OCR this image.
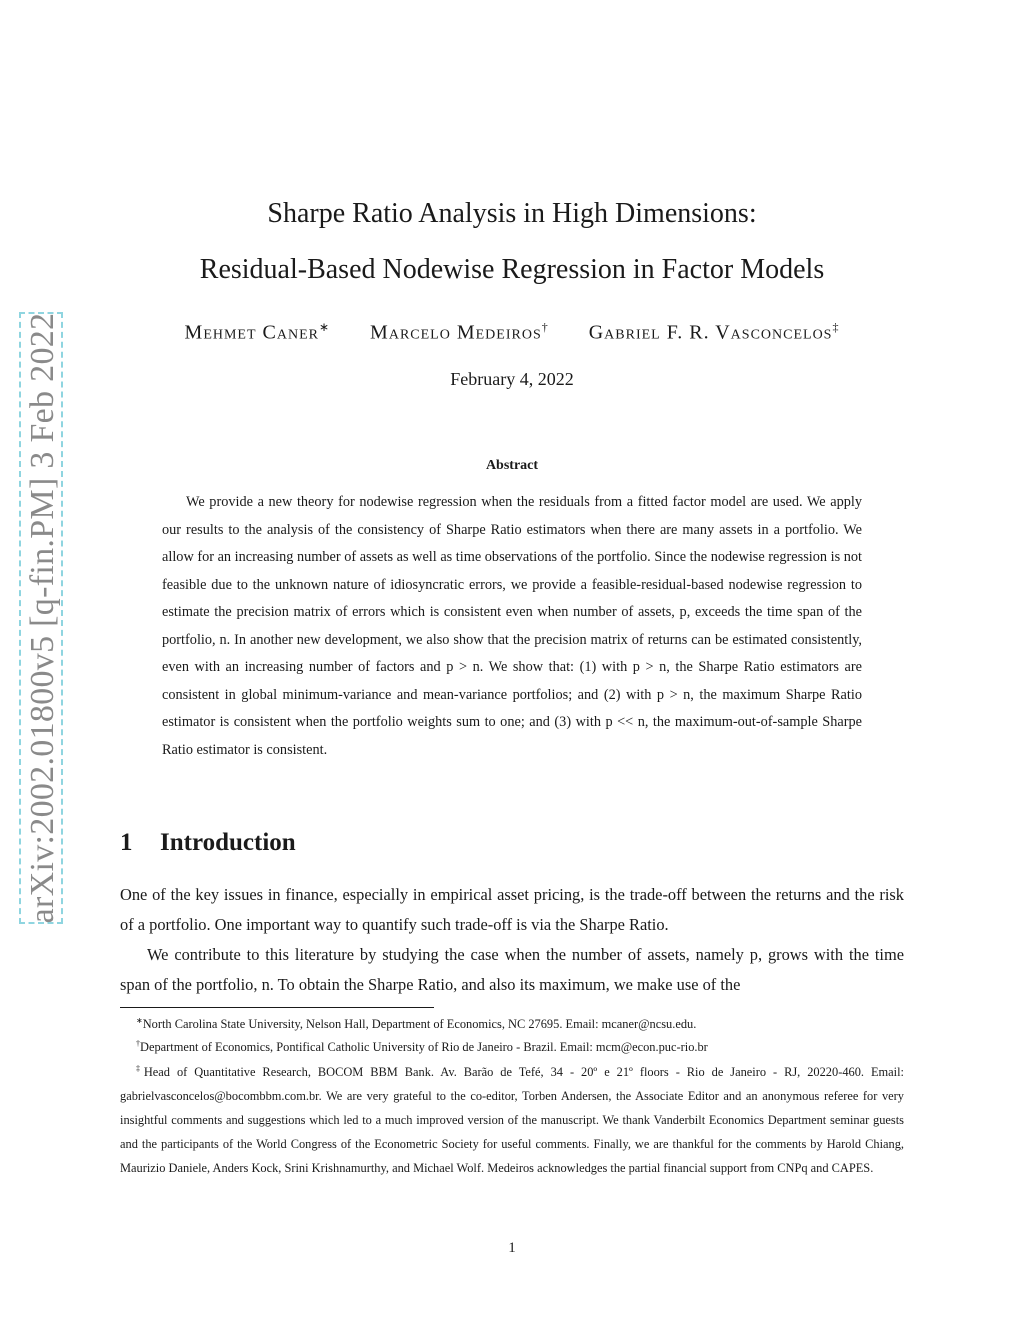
arXiv:2002.01800v5 [q-fin.PM] 3 Feb 2022
Sharpe Ratio Analysis in High Dimensions:
Residual-Based Nodewise Regression in Factor Models
Mehmet Caner∗ Marcelo Medeiros† Gabriel F. R. Vasconcelos‡
February 4, 2022
Abstract
We provide a new theory for nodewise regression when the residuals from a fitted factor model are used. We apply our results to the analysis of the consistency of Sharpe Ratio estimators when there are many assets in a portfolio. We allow for an increasing number of assets as well as time observations of the portfolio. Since the nodewise regression is not feasible due to the unknown nature of idiosyncratic errors, we provide a feasible-residual-based nodewise regression to estimate the precision matrix of errors which is consistent even when number of assets, p, exceeds the time span of the portfolio, n. In another new development, we also show that the precision matrix of returns can be estimated consistently, even with an increasing number of factors and p > n. We show that: (1) with p > n, the Sharpe Ratio estimators are consistent in global minimum-variance and mean-variance portfolios; and (2) with p > n, the maximum Sharpe Ratio estimator is consistent when the portfolio weights sum to one; and (3) with p << n, the maximum-out-of-sample Sharpe Ratio estimator is consistent.
1 Introduction
One of the key issues in finance, especially in empirical asset pricing, is the trade-off between the returns and the risk of a portfolio. One important way to quantify such trade-off is via the Sharpe Ratio.
We contribute to this literature by studying the case when the number of assets, namely p, grows with the time span of the portfolio, n. To obtain the Sharpe Ratio, and also its maximum, we make use of the
∗North Carolina State University, Nelson Hall, Department of Economics, NC 27695. Email: mcaner@ncsu.edu.
†Department of Economics, Pontifical Catholic University of Rio de Janeiro - Brazil. Email: mcm@econ.puc-rio.br
‡Head of Quantitative Research, BOCOM BBM Bank. Av. Barão de Tefé, 34 - 20º e 21º floors - Rio de Janeiro - RJ, 20220-460. Email: gabrielvasconcelos@bocombbm.com.br. We are very grateful to the co-editor, Torben Andersen, the Associate Editor and an anonymous referee for very insightful comments and suggestions which led to a much improved version of the manuscript. We thank Vanderbilt Economics Department seminar guests and the participants of the World Congress of the Econometric Society for useful comments. Finally, we are thankful for the comments by Harold Chiang, Maurizio Daniele, Anders Kock, Srini Krishnamurthy, and Michael Wolf. Medeiros acknowledges the partial financial support from CNPq and CAPES.
1
